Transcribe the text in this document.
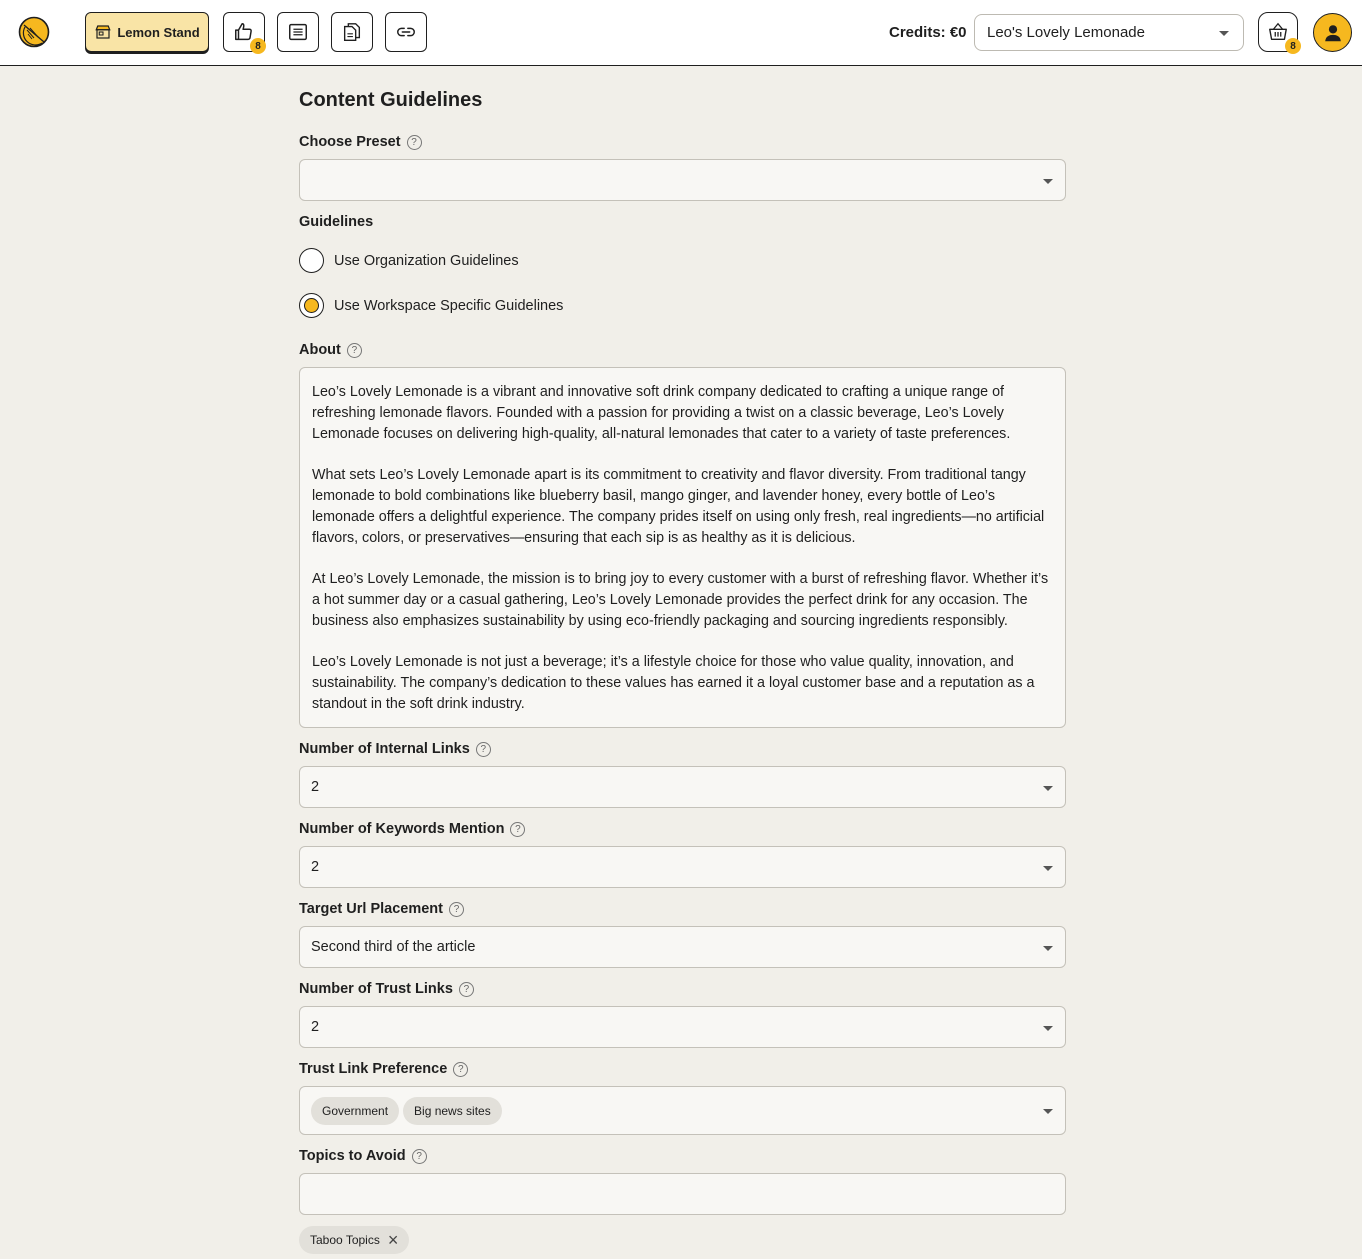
Lemon Stand
8
Credits: €0 Leo's Lovely Lemonade
8
Content Guidelines
Choose Preset	?
Guidelines
Use Organization Guidelines
Use Workspace Specific Guidelines
About	?

Leo’s Lovely Lemonade is a vibrant and innovative soft drink company dedicated to crafting a unique range of refreshing lemonade flavors. Founded with a passion for providing a twist on a classic beverage, Leo’s Lovely Lemonade focuses on delivering high-quality, all-natural lemonades that cater to a variety of taste preferences.

What sets Leo’s Lovely Lemonade apart is its commitment to creativity and flavor diversity. From traditional tangy lemonade to bold combinations like blueberry basil, mango ginger, and lavender honey, every bottle of Leo’s lemonade offers a delightful experience. The company prides itself on using only fresh, real ingredients—no artificial flavors, colors, or preservatives—ensuring that each sip is as healthy as it is delicious.

At Leo’s Lovely Lemonade, the mission is to bring joy to every customer with a burst of refreshing flavor. Whether it’s a hot summer day or a casual gathering, Leo’s Lovely Lemonade provides the perfect drink for any occasion. The business also emphasizes sustainability by using eco-friendly packaging and sourcing ingredients responsibly.

Leo’s Lovely Lemonade is not just a beverage; it’s a lifestyle choice for those who value quality, innovation, and sustainability. The company’s dedication to these values has earned it a loyal customer base and a reputation as a standout in the soft drink industry.

Number of Internal Links	?
2
Number of Keywords Mention	?
2
Target Url Placement	?
Second third of the article
Number of Trust Links	?
2
Trust Link Preference	?
Government	Big news sites
Topics to Avoid	?
Taboo Topics ×
